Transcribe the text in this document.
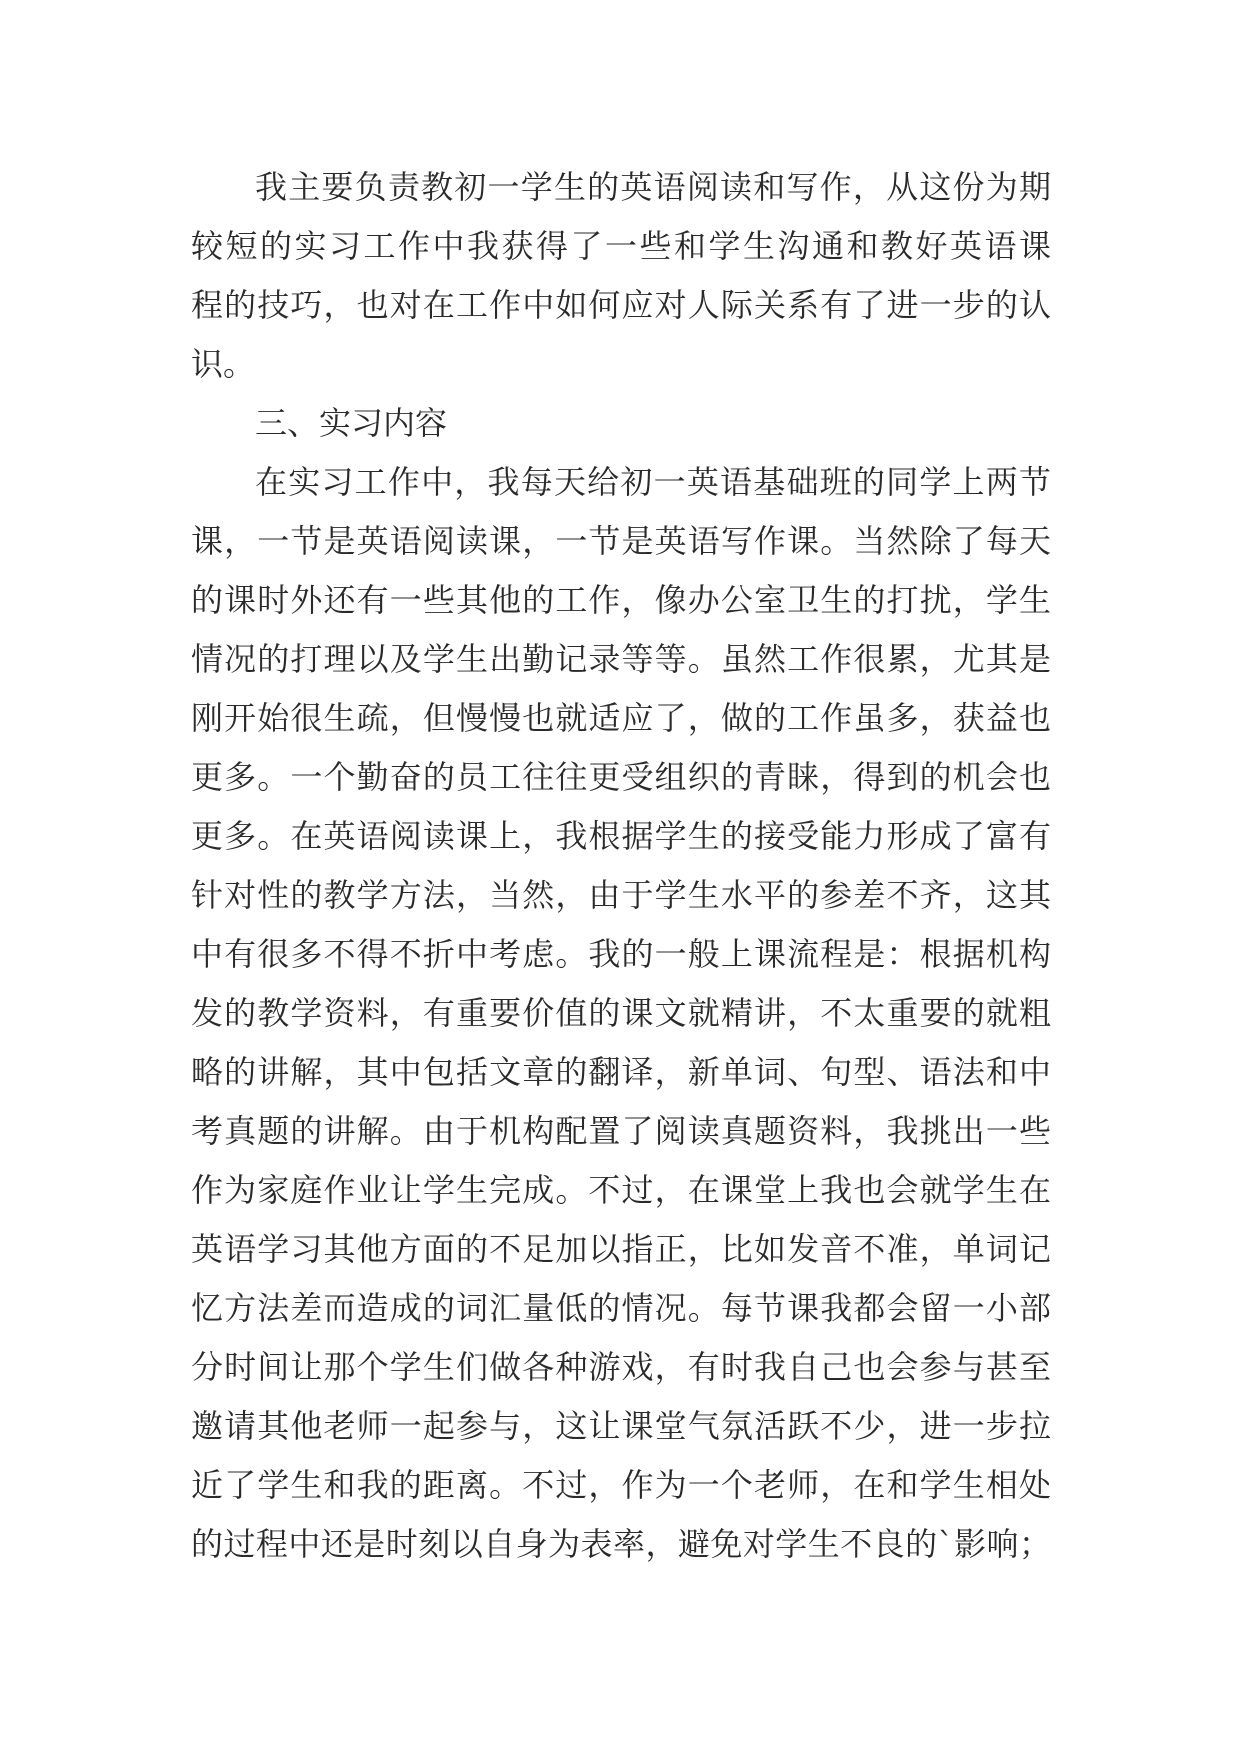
我主要负责教初一学生的英语阅读和写作，从这份为期
较短的实习工作中我获得了一些和学生沟通和教好英语课
程的技巧，也对在工作中如何应对人际关系有了进一步的认
识。
三、实习内容
在实习工作中，我每天给初一英语基础班的同学上两节
课，一节是英语阅读课，一节是英语写作课。当然除了每天
的课时外还有一些其他的工作，像办公室卫生的打扰，学生
情况的打理以及学生出勤记录等等。虽然工作很累，尤其是
刚开始很生疏，但慢慢也就适应了，做的工作虽多，获益也
更多。一个勤奋的员工往往更受组织的青睐，得到的机会也
更多。在英语阅读课上，我根据学生的接受能力形成了富有
针对性的教学方法，当然，由于学生水平的参差不齐，这其
中有很多不得不折中考虑。我的一般上课流程是：根据机构
发的教学资料，有重要价值的课文就精讲，不太重要的就粗
略的讲解，其中包括文章的翻译，新单词、句型、语法和中
考真题的讲解。由于机构配置了阅读真题资料，我挑出一些
作为家庭作业让学生完成。不过，在课堂上我也会就学生在
英语学习其他方面的不足加以指正，比如发音不准，单词记
忆方法差而造成的词汇量低的情况。每节课我都会留一小部
分时间让那个学生们做各种游戏，有时我自己也会参与甚至
邀请其他老师一起参与，这让课堂气氛活跃不少，进一步拉
近了学生和我的距离。不过，作为一个老师，在和学生相处
的过程中还是时刻以自身为表率，避免对学生不良的`影响；
